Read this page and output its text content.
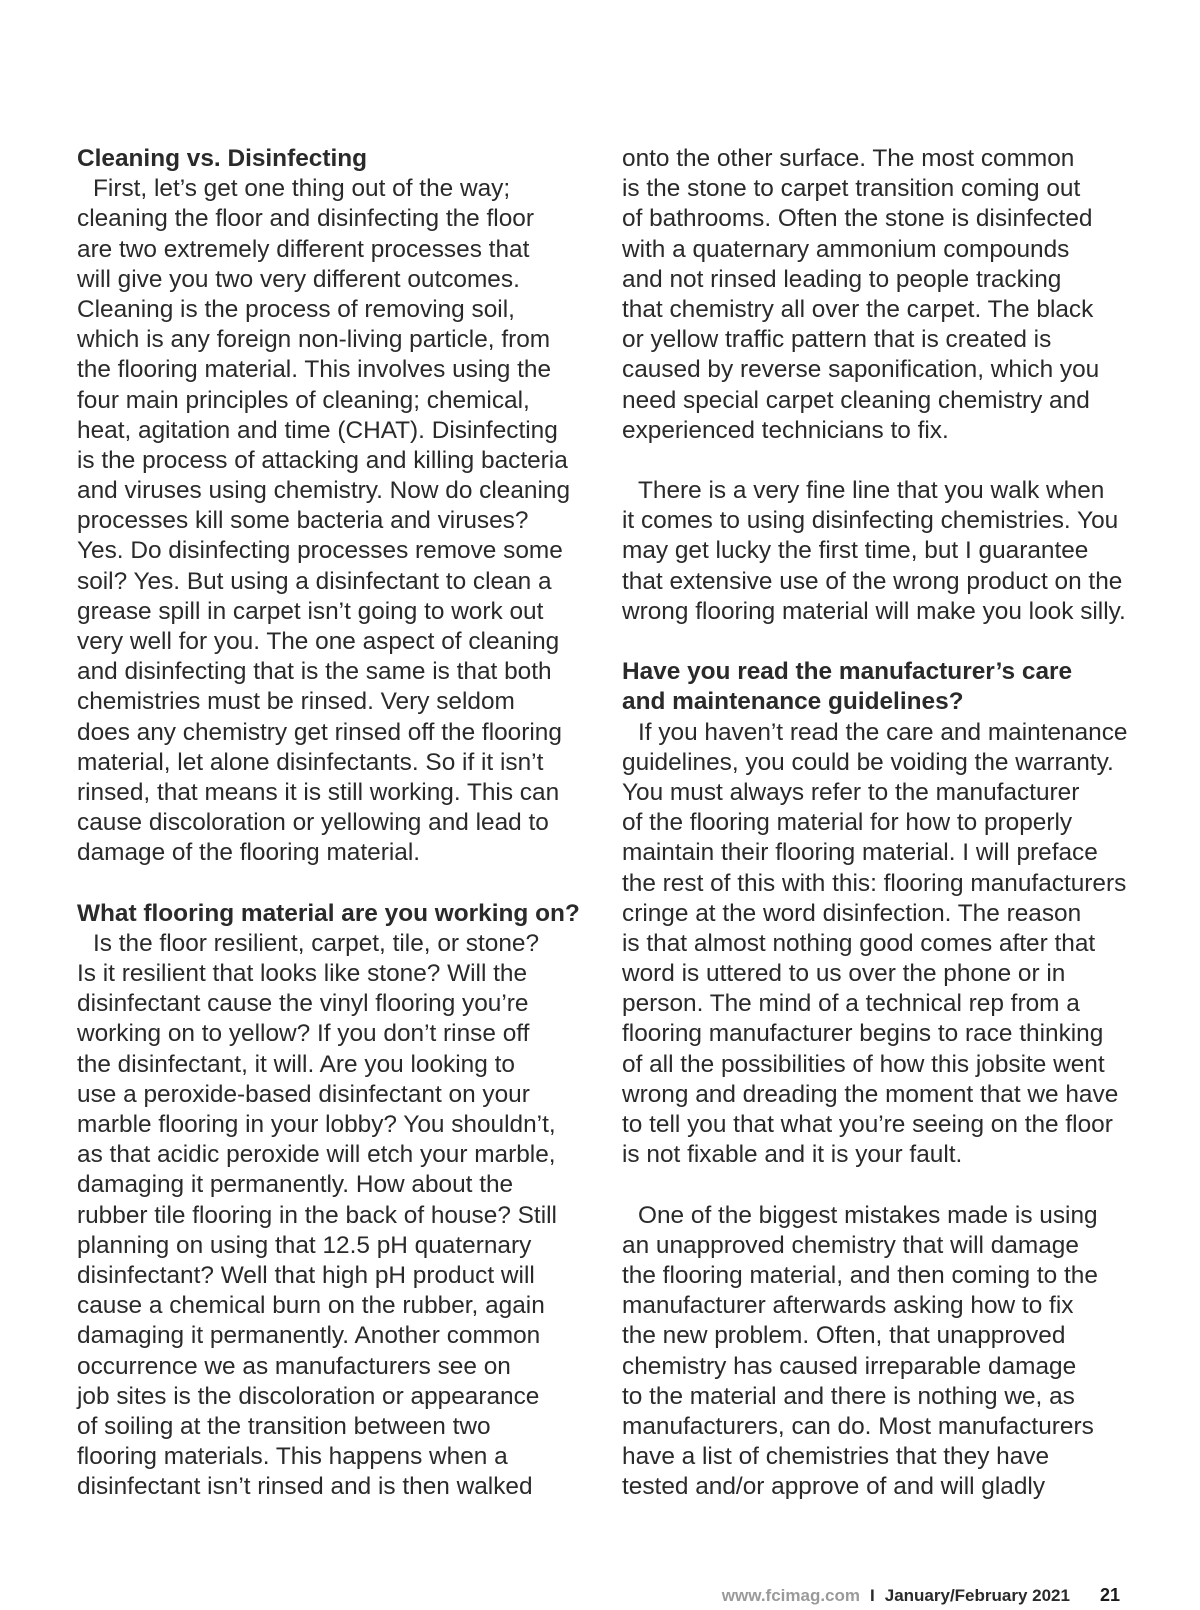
Cleaning vs. Disinfecting
First, let’s get one thing out of the way;
cleaning the floor and disinfecting the floor
are two extremely different processes that
will give you two very different outcomes.
Cleaning is the process of removing soil,
which is any foreign non-living particle, from
the flooring material. This involves using the
four main principles of cleaning; chemical,
heat, agitation and time (CHAT). Disinfecting
is the process of attacking and killing bacteria
and viruses using chemistry. Now do cleaning
processes kill some bacteria and viruses?
Yes. Do disinfecting processes remove some
soil? Yes. But using a disinfectant to clean a
grease spill in carpet isn’t going to work out
very well for you. The one aspect of cleaning
and disinfecting that is the same is that both
chemistries must be rinsed. Very seldom
does any chemistry get rinsed off the flooring
material, let alone disinfectants. So if it isn’t
rinsed, that means it is still working. This can
cause discoloration or yellowing and lead to
damage of the flooring material.
What flooring material are you working on?
Is the floor resilient, carpet, tile, or stone?
Is it resilient that looks like stone? Will the
disinfectant cause the vinyl flooring you’re
working on to yellow? If you don’t rinse off
the disinfectant, it will. Are you looking to
use a peroxide-based disinfectant on your
marble flooring in your lobby? You shouldn’t,
as that acidic peroxide will etch your marble,
damaging it permanently. How about the
rubber tile flooring in the back of house? Still
planning on using that 12.5 pH quaternary
disinfectant? Well that high pH product will
cause a chemical burn on the rubber, again
damaging it permanently. Another common
occurrence we as manufacturers see on
job sites is the discoloration or appearance
of soiling at the transition between two
flooring materials. This happens when a
disinfectant isn’t rinsed and is then walked
onto the other surface. The most common
is the stone to carpet transition coming out
of bathrooms. Often the stone is disinfected
with a quaternary ammonium compounds
and not rinsed leading to people tracking
that chemistry all over the carpet. The black
or yellow traffic pattern that is created is
caused by reverse saponification, which you
need special carpet cleaning chemistry and
experienced technicians to fix.
There is a very fine line that you walk when
it comes to using disinfecting chemistries. You
may get lucky the first time, but I guarantee
that extensive use of the wrong product on the
wrong flooring material will make you look silly.
Have you read the manufacturer’s care
and maintenance guidelines?
If you haven’t read the care and maintenance
guidelines, you could be voiding the warranty.
You must always refer to the manufacturer
of the flooring material for how to properly
maintain their flooring material. I will preface
the rest of this with this: flooring manufacturers
cringe at the word disinfection. The reason
is that almost nothing good comes after that
word is uttered to us over the phone or in
person. The mind of a technical rep from a
flooring manufacturer begins to race thinking
of all the possibilities of how this jobsite went
wrong and dreading the moment that we have
to tell you that what you’re seeing on the floor
is not fixable and it is your fault.
One of the biggest mistakes made is using
an unapproved chemistry that will damage
the flooring material, and then coming to the
manufacturer afterwards asking how to fix
the new problem. Often, that unapproved
chemistry has caused irreparable damage
to the material and there is nothing we, as
manufacturers, can do. Most manufacturers
have a list of chemistries that they have
tested and/or approve of and will gladly
www.fcimag.com I January/February 2021 21
